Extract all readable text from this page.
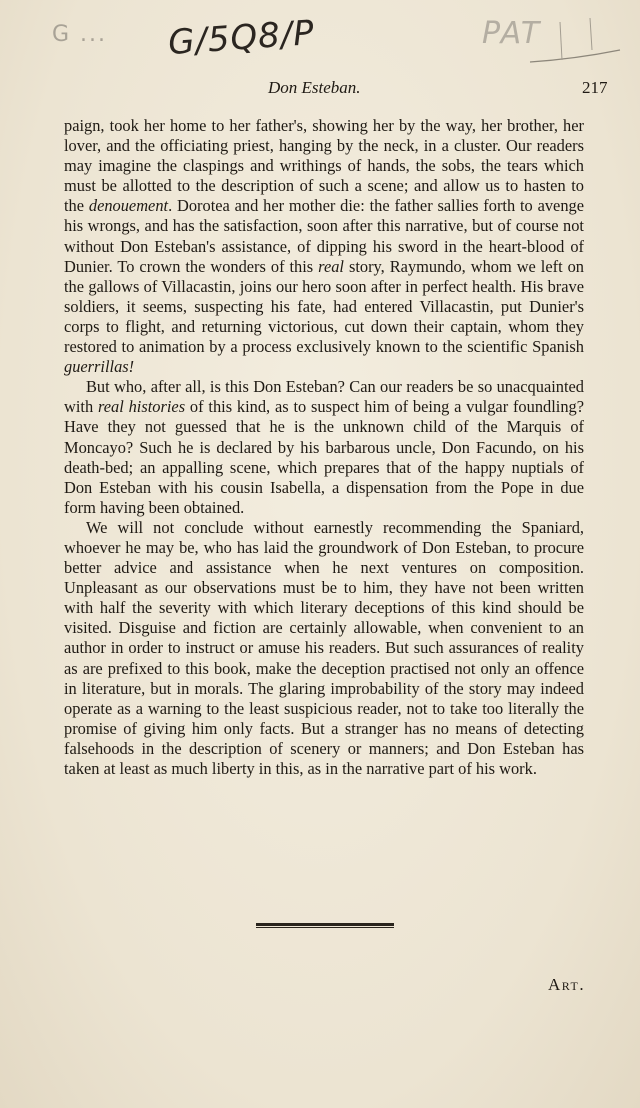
G ... G/5Q8/P	PAT
Don Esteban.	217

paign, took her home to her father's, showing her by the way, her brother, her lover, and the officiating priest, hanging by the neck, in a cluster. Our readers may imagine the claspings and writhings of hands, the sobs, the tears which must be allotted to the description of such a scene; and allow us to hasten to the denouement. Dorotea and her mother die: the father sallies forth to avenge his wrongs, and has the satisfaction, soon after this narrative, but of course not without Don Esteban's assistance, of dipping his sword in the heart-blood of Dunier. To crown the wonders of this real story, Raymundo, whom we left on the gallows of Villacastin, joins our hero soon after in perfect health. His brave soldiers, it seems, suspecting his fate, had entered Villacastin, put Dunier's corps to flight, and returning victorious, cut down their captain, whom they restored to animation by a process exclusively known to the scientific Spanish guerrillas!

But who, after all, is this Don Esteban? Can our readers be so unacquainted with real histories of this kind, as to suspect him of being a vulgar foundling? Have they not guessed that he is the unknown child of the Marquis of Moncayo? Such he is declared by his barbarous uncle, Don Facundo, on his death-bed; an appalling scene, which prepares that of the happy nuptials of Don Esteban with his cousin Isabella, a dispensation from the Pope in due form having been obtained.

We will not conclude without earnestly recommending the Spaniard, whoever he may be, who has laid the groundwork of Don Esteban, to procure better advice and assistance when he next ventures on composition. Unpleasant as our observations must be to him, they have not been written with half the severity with which literary deceptions of this kind should be visited. Disguise and fiction are certainly allowable, when convenient to an author in order to instruct or amuse his readers. But such assurances of reality as are prefixed to this book, make the deception practised not only an offence in literature, but in morals. The glaring improbability of the story may indeed operate as a warning to the least suspicious reader, not to take too literally the promise of giving him only facts. But a stranger has no means of detecting falsehoods in the description of scenery or manners; and Don Esteban has taken at least as much liberty in this, as in the narrative part of his work.

Art.
